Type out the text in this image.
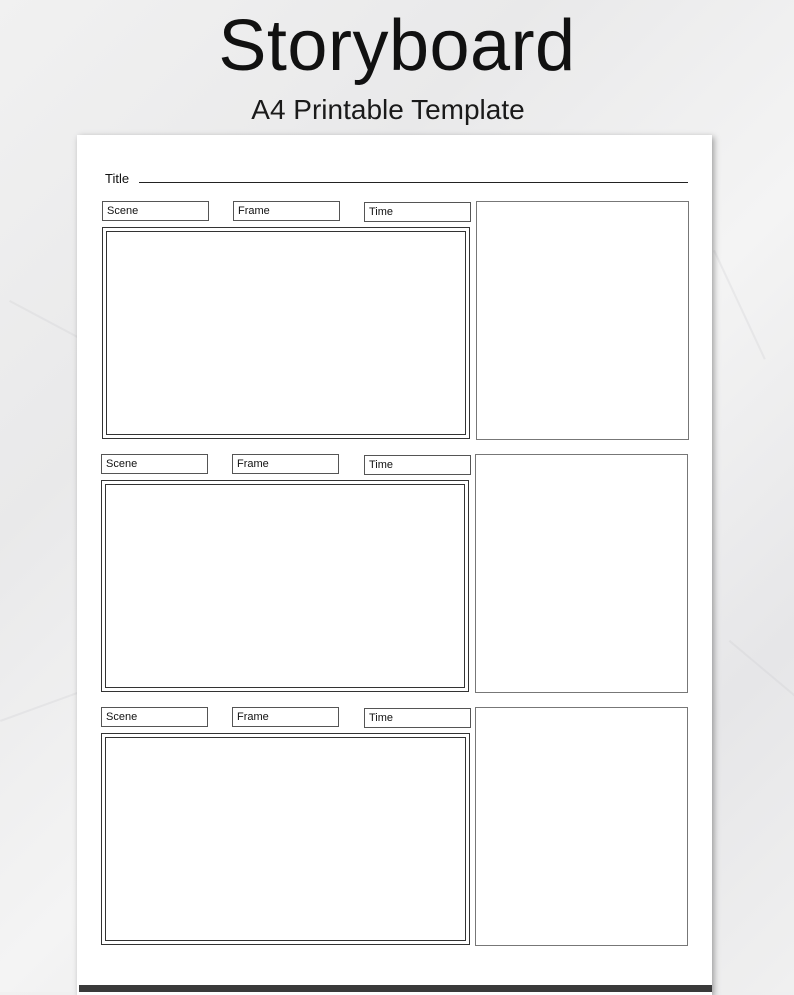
Storyboard
A4 Printable Template
Title
Scene	Frame	Time
Scene	Frame	Time
Scene	Frame	Time
